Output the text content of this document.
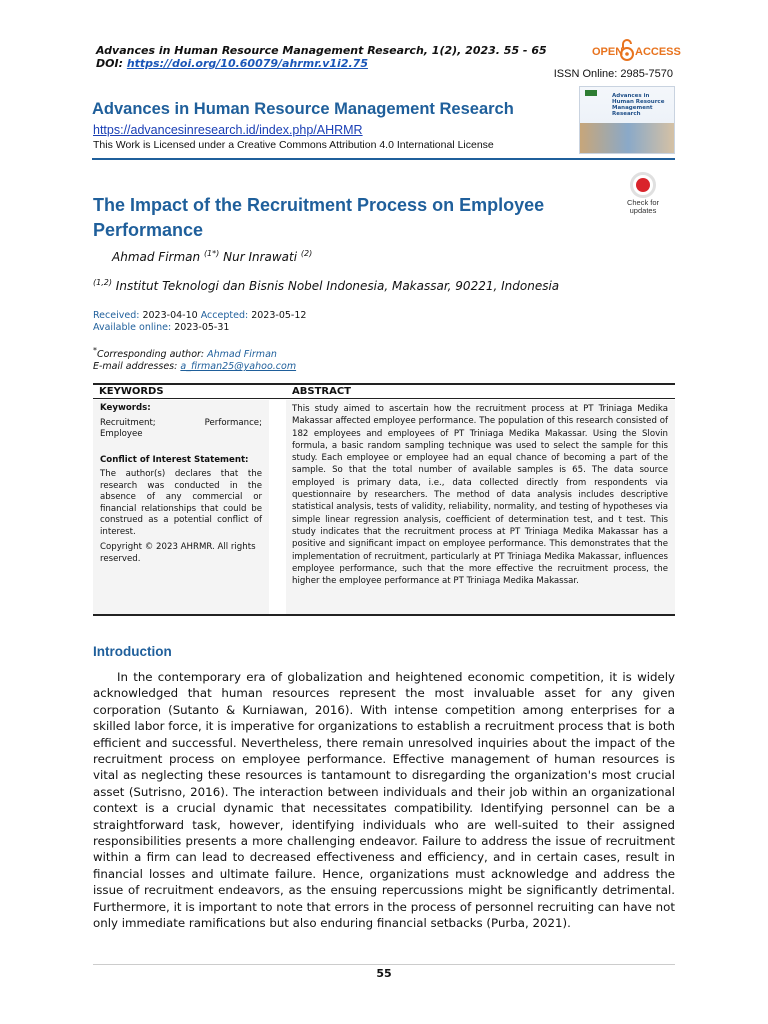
Advances in Human Resource Management Research, 1(2), 2023. 55 - 65
DOI: https://doi.org/10.60079/ahrmr.v1i2.75
OPEN ACCESS
ISSN Online: 2985-7570
Advances in Human Resource Management Research
https://advancesinresearch.id/index.php/AHRMR
This Work is Licensed under a Creative Commons Attribution 4.0 International License
Advances in Human Resource Management Research
Check for
updates
The Impact of the Recruitment Process on Employee Performance
Ahmad Firman $^{(1*)}$ Nur Inrawati $^{(2)}$
$^{(1,2)}$ Institut Teknologi dan Bisnis Nobel Indonesia, Makassar, 90221, Indonesia
Received: 2023-04-10 Accepted: 2023-05-12
Available online: 2023-05-31
*Corresponding author: Ahmad Firman
E-mail addresses: a_firman25@yahoo.com
KEYWORDS	ABSTRACT
Keywords:
Recruitment;	Performance;
Employee
Conflict of Interest Statement:
The author(s) declares that the research was conducted in the absence of any commercial or financial relationships that could be construed as a potential conflict of interest.
Copyright © 2023 AHRMR. All rights reserved.
This study aimed to ascertain how the recruitment process at PT Triniaga Medika Makassar affected employee performance. The population of this research consisted of 182 employees and employees of PT Triniaga Medika Makassar. Using the Slovin formula, a basic random sampling technique was used to select the sample for this study. Each employee or employee had an equal chance of becoming a part of the sample. So that the total number of available samples is 65. The data source employed is primary data, i.e., data collected directly from respondents via questionnaire by researchers. The method of data analysis includes descriptive statistical analysis, tests of validity, reliability, normality, and testing of hypotheses via simple linear regression analysis, coefficient of determination test, and t test. This study indicates that the recruitment process at PT Triniaga Medika Makassar has a positive and significant impact on employee performance. This demonstrates that the implementation of recruitment, particularly at PT Triniaga Medika Makassar, influences employee performance, such that the more effective the recruitment process, the higher the employee performance at PT Triniaga Medika Makassar.
Introduction
In the contemporary era of globalization and heightened economic competition, it is widely acknowledged that human resources represent the most invaluable asset for any given corporation (Sutanto & Kurniawan, 2016). With intense competition among enterprises for a skilled labor force, it is imperative for organizations to establish a recruitment process that is both efficient and successful. Nevertheless, there remain unresolved inquiries about the impact of the recruitment process on employee performance. Effective management of human resources is vital as neglecting these resources is tantamount to disregarding the organization's most crucial asset (Sutrisno, 2016). The interaction between individuals and their job within an organizational context is a crucial dynamic that necessitates compatibility. Identifying personnel can be a straightforward task, however, identifying individuals who are well-suited to their assigned responsibilities presents a more challenging endeavor. Failure to address the issue of recruitment within a firm can lead to decreased effectiveness and efficiency, and in certain cases, result in financial losses and ultimate failure. Hence, organizations must acknowledge and address the issue of recruitment endeavors, as the ensuing repercussions might be significantly detrimental. Furthermore, it is important to note that errors in the process of personnel recruiting can have not only immediate ramifications but also enduring financial setbacks (Purba, 2021).
55
